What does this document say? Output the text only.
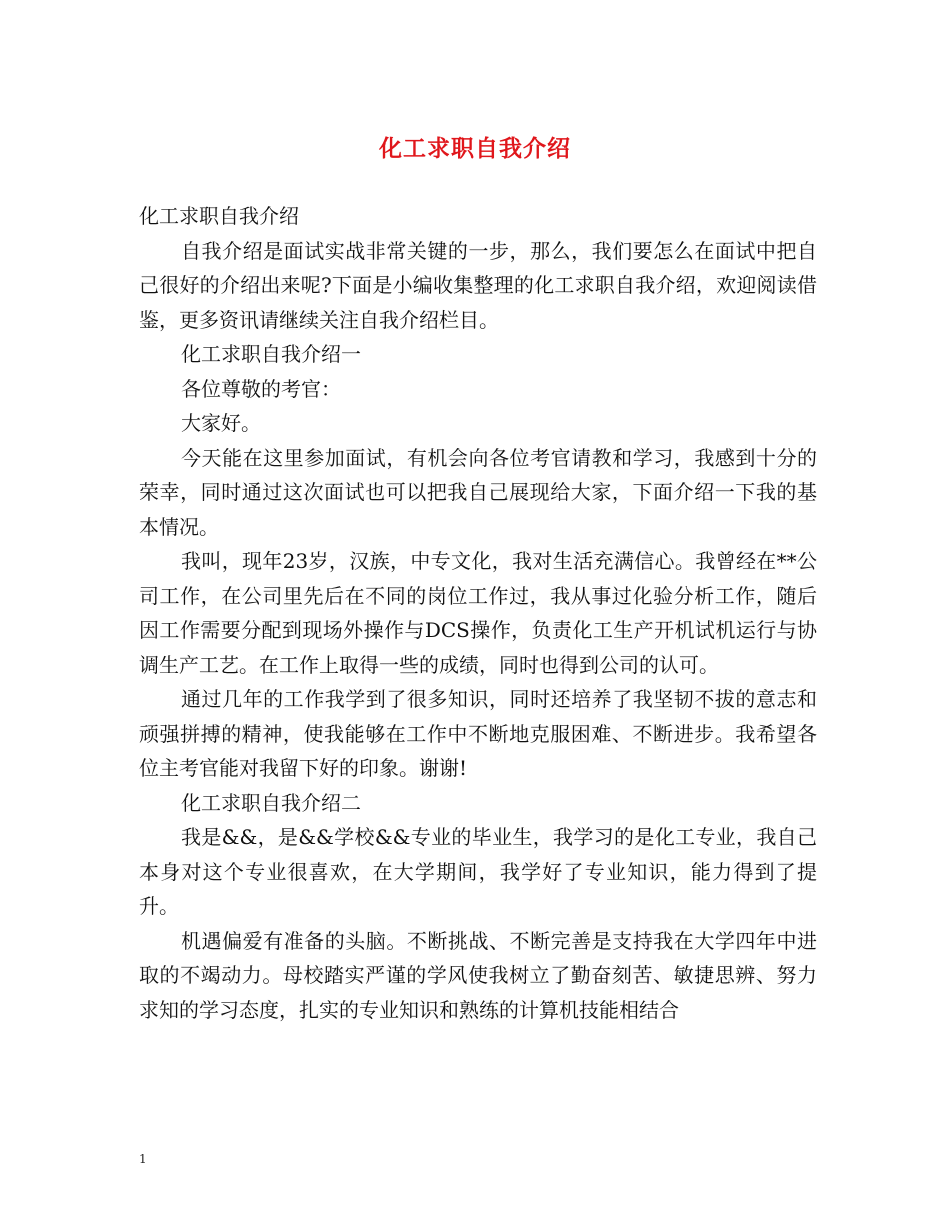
化工求职自我介绍

化工求职自我介绍

自我介绍是面试实战非常关键的一步，那么，我们要怎么在面试中把自己很好的介绍出来呢?下面是小编收集整理的化工求职自我介绍，欢迎阅读借鉴，更多资讯请继续关注自我介绍栏目。

化工求职自我介绍一

各位尊敬的考官：

大家好。

今天能在这里参加面试，有机会向各位考官请教和学习，我感到十分的荣幸，同时通过这次面试也可以把我自己展现给大家，下面介绍一下我的基本情况。

我叫，现年23岁，汉族，中专文化，我对生活充满信心。我曾经在**公司工作，在公司里先后在不同的岗位工作过，我从事过化验分析工作，随后因工作需要分配到现场外操作与DCS操作，负责化工生产开机试机运行与协调生产工艺。在工作上取得一些的成绩，同时也得到公司的认可。

通过几年的工作我学到了很多知识，同时还培养了我坚韧不拔的意志和顽强拼搏的精神，使我能够在工作中不断地克服困难、不断进步。我希望各位主考官能对我留下好的印象。谢谢!

化工求职自我介绍二

我是&&，是&&学校&&专业的毕业生，我学习的是化工专业，我自己本身对这个专业很喜欢，在大学期间，我学好了专业知识，能力得到了提升。

机遇偏爱有准备的头脑。不断挑战、不断完善是支持我在大学四年中进取的不竭动力。母校踏实严谨的学风使我树立了勤奋刻苦、敏捷思辨、努力求知的学习态度，扎实的专业知识和熟练的计算机技能相结合

1
